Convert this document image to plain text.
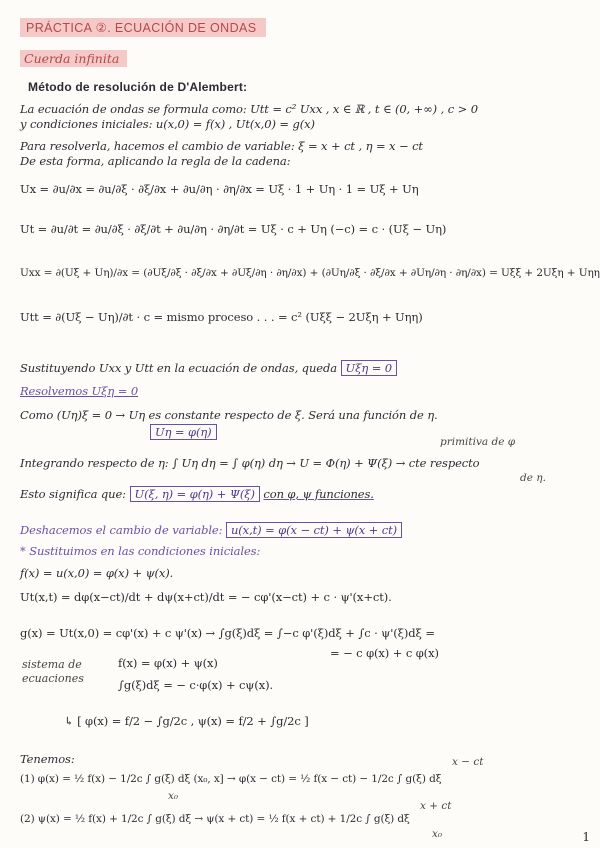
PRÁCTICA ②. ECUACIÓN DE ONDAS
Cuerda infinita
Método de resolución de D'Alembert:
La ecuación de ondas se formula como: Utt = c² Uxx , x ∈ ℝ , t ∈ (0, +∞) , c > 0
y condiciones iniciales: u(x,0) = f(x) , Ut(x,0) = g(x)
Para resolverla, hacemos el cambio de variable: ξ = x + ct , η = x − ct
De esta forma, aplicando la regla de la cadena:
Ux = ∂u/∂x = ∂u/∂ξ · ∂ξ/∂x + ∂u/∂η · ∂η/∂x = Uξ · 1 + Uη · 1 = Uξ + Uη
Ut = ∂u/∂t = ∂u/∂ξ · ∂ξ/∂t + ∂u/∂η · ∂η/∂t = Uξ · c + Uη (−c) = c · (Uξ − Uη)
Uxx = ∂(Uξ + Uη)/∂x = (∂Uξ/∂ξ · ∂ξ/∂x + ∂Uξ/∂η · ∂η/∂x) + (∂Uη/∂ξ · ∂ξ/∂x + ∂Uη/∂η · ∂η/∂x) = Uξξ + 2Uξη + Uηη
Utt = ∂(Uξ − Uη)/∂t · c = mismo proceso . . . = c² (Uξξ − 2Uξη + Uηη)
Sustituyendo Uxx y Utt en la ecuación de ondas, queda Uξη = 0
Resolvemos Uξη = 0
Como (Uη)ξ = 0 → Uη es constante respecto de ξ. Será una función de η.
Uη = φ(η)
primitiva de φ
Integrando respecto de η: ∫ Uη dη = ∫ φ(η) dη → U = Φ(η) + Ψ(ξ) → cte respecto
de η.
Esto significa que: U(ξ, η) = φ(η) + Ψ(ξ) con φ, ψ funciones.
Deshacemos el cambio de variable: u(x,t) = φ(x − ct) + ψ(x + ct)
* Sustituimos en las condiciones iniciales:
f(x) = u(x,0) = φ(x) + ψ(x).
Ut(x,t) = dφ(x−ct)/dt + dψ(x+ct)/dt = − cφ'(x−ct) + c · ψ'(x+ct).
g(x) = Ut(x,0) = cφ'(x) + c ψ'(x) → ∫g(ξ)dξ = ∫−c φ'(ξ)dξ + ∫c · ψ'(ξ)dξ =
= − c φ(x) + c φ(x)
sistema de
ecuaciones
f(x) = φ(x) + ψ(x)
∫g(ξ)dξ = − c·φ(x) + cψ(x).
↳ [ φ(x) = f/2 − ∫g/2c , ψ(x) = f/2 + ∫g/2c ]
Tenemos:	x − ct
(1) φ(x) = ½ f(x) − 1/2c ∫ g(ξ) dξ (x₀, x] → φ(x − ct) = ½ f(x − ct) − 1/2c ∫ g(ξ) dξ
x₀
x + ct
(2) ψ(x) = ½ f(x) + 1/2c ∫ g(ξ) dξ → ψ(x + ct) = ½ f(x + ct) + 1/2c ∫ g(ξ) dξ
x₀	1
